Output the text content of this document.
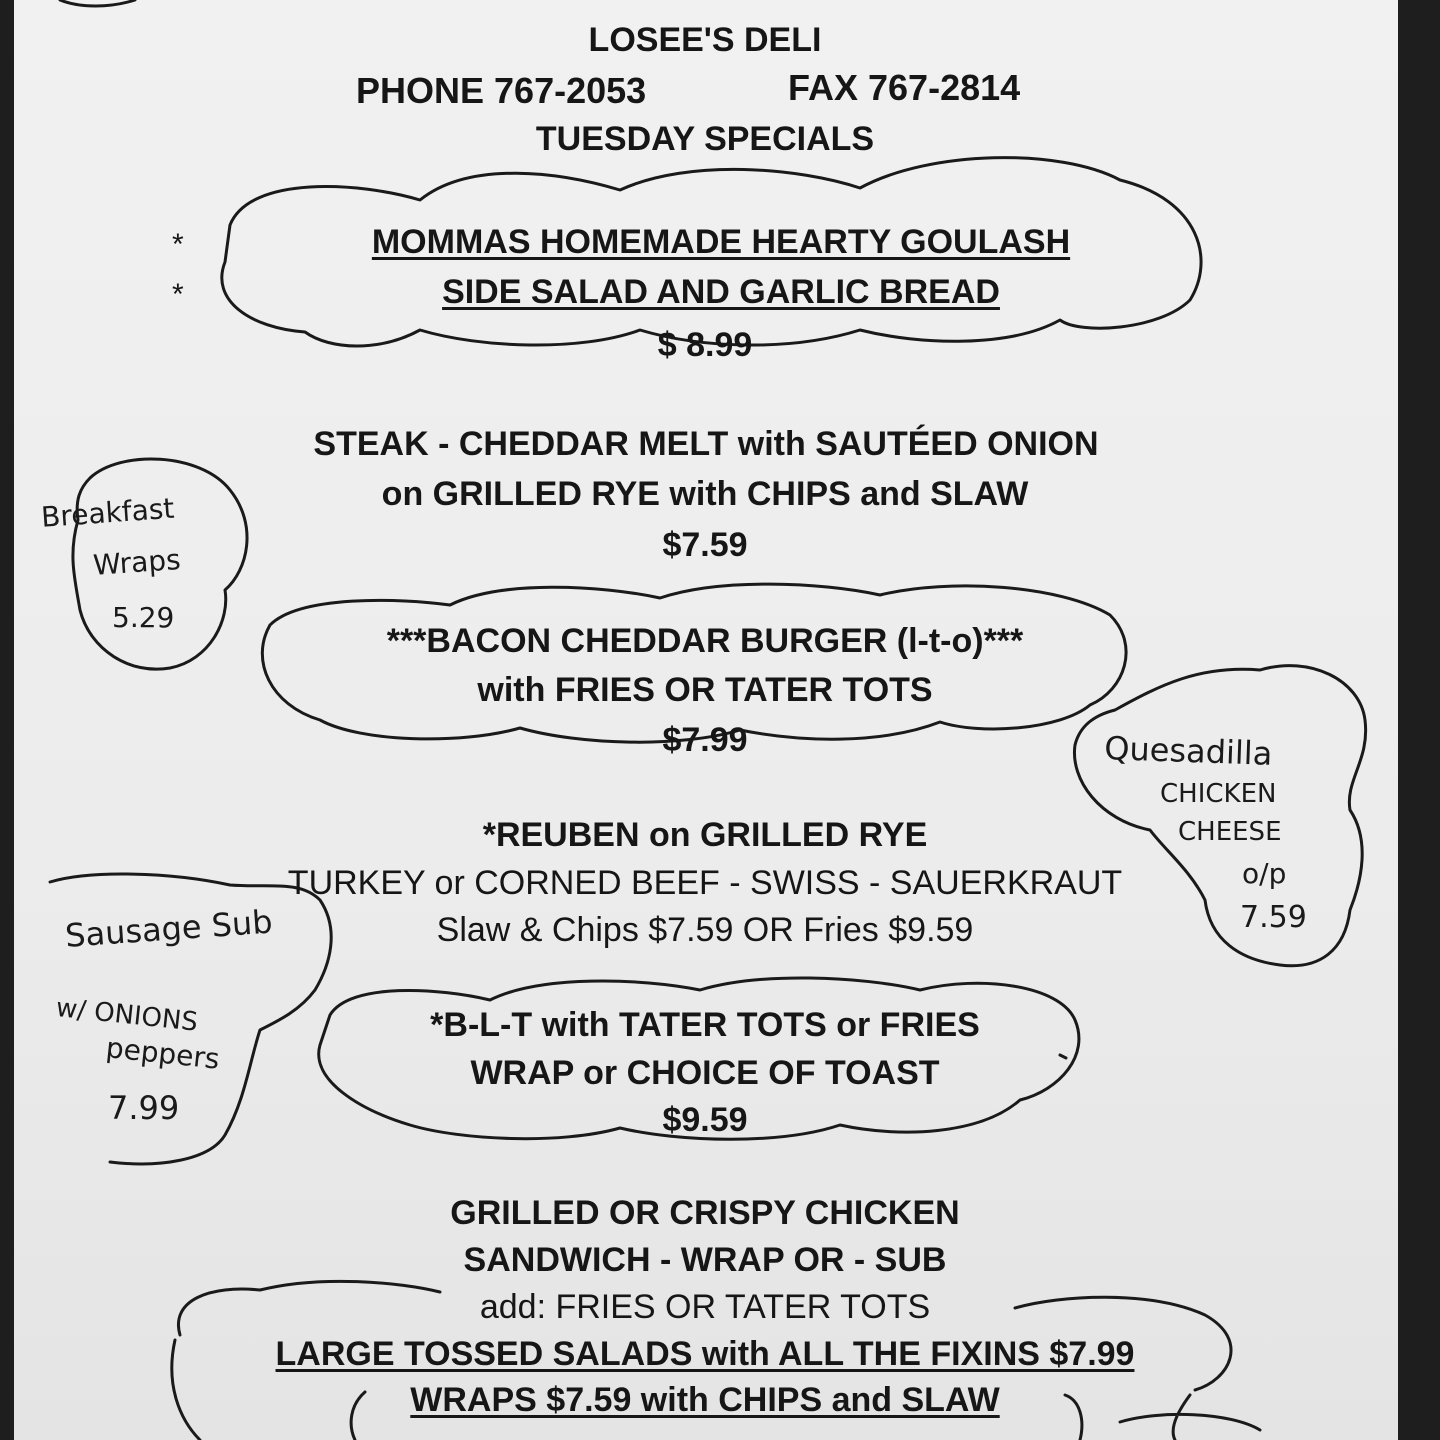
LOSEE'S DELI
PHONE 767-2053	FAX 767-2814
TUESDAY SPECIALS
*
*
MOMMAS HOMEMADE HEARTY GOULASH
SIDE SALAD AND GARLIC BREAD
$ 8.99
STEAK - CHEDDAR MELT with SAUTÉED ONION
on GRILLED RYE with CHIPS and SLAW
$7.59
***BACON CHEDDAR BURGER (l-t-o)***
with FRIES OR TATER TOTS
$7.99
*REUBEN on GRILLED RYE
TURKEY or CORNED BEEF - SWISS - SAUERKRAUT
Slaw & Chips $7.59 OR Fries $9.59
*B-L-T with TATER TOTS or FRIES
WRAP or CHOICE OF TOAST
$9.59
GRILLED OR CRISPY CHICKEN
SANDWICH - WRAP OR - SUB
add: FRIES OR TATER TOTS
LARGE TOSSED SALADS with ALL THE FIXINS $7.99
WRAPS $7.59 with CHIPS and SLAW
Breakfast
Wraps
5.29
Quesadilla
CHICKEN
CHEESE
o/p
7.59
Sausage Sub
w/ ONIONS
peppers
7.99
